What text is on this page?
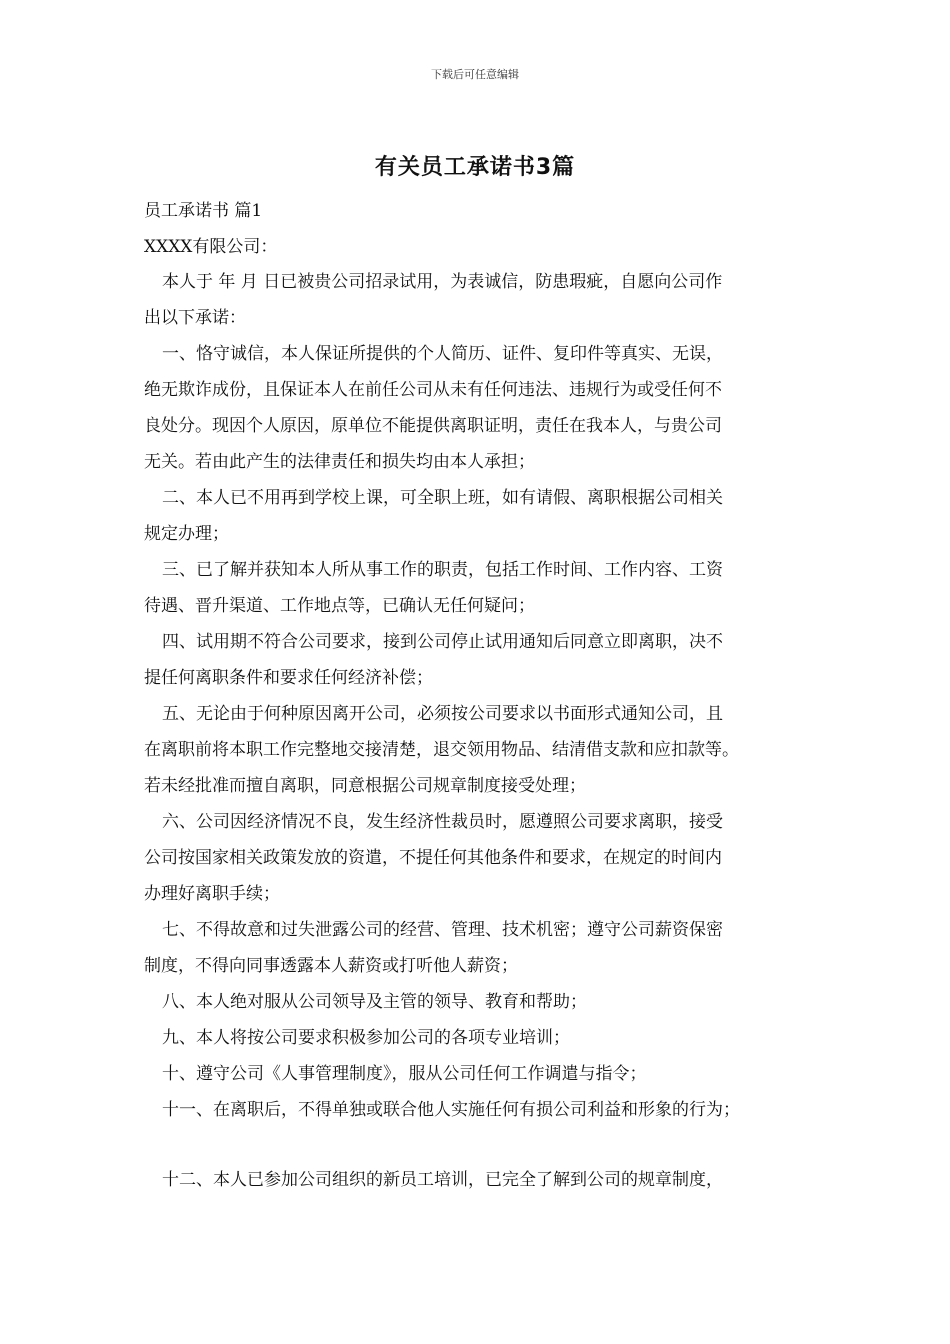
下载后可任意编辑
有关员工承诺书3篇
员工承诺书 篇1
XXXX有限公司：
本人于 年 月 日已被贵公司招录试用，为表诚信，防患瑕疵，自愿向公司作
出以下承诺：
一、恪守诚信，本人保证所提供的个人简历、证件、复印件等真实、无误，
绝无欺诈成份，且保证本人在前任公司从未有任何违法、违规行为或受任何不
良处分。现因个人原因，原单位不能提供离职证明，责任在我本人，与贵公司
无关。若由此产生的法律责任和损失均由本人承担；
二、本人已不用再到学校上课，可全职上班，如有请假、离职根据公司相关
规定办理；
三、已了解并获知本人所从事工作的职责，包括工作时间、工作内容、工资
待遇、晋升渠道、工作地点等，已确认无任何疑问；
四、试用期不符合公司要求，接到公司停止试用通知后同意立即离职，决不
提任何离职条件和要求任何经济补偿；
五、无论由于何种原因离开公司，必须按公司要求以书面形式通知公司，且
在离职前将本职工作完整地交接清楚，退交领用物品、结清借支款和应扣款等。
若未经批准而擅自离职，同意根据公司规章制度接受处理；
六、公司因经济情况不良，发生经济性裁员时，愿遵照公司要求离职，接受
公司按国家相关政策发放的资遣，不提任何其他条件和要求，在规定的时间内
办理好离职手续；
七、不得故意和过失泄露公司的经营、管理、技术机密；遵守公司薪资保密
制度，不得向同事透露本人薪资或打听他人薪资；
八、本人绝对服从公司领导及主管的领导、教育和帮助；
九、本人将按公司要求积极参加公司的各项专业培训；
十、遵守公司《人事管理制度》，服从公司任何工作调遣与指令；
十一、在离职后，不得单独或联合他人实施任何有损公司利益和形象的行为；
十二、本人已参加公司组织的新员工培训，已完全了解到公司的规章制度，
